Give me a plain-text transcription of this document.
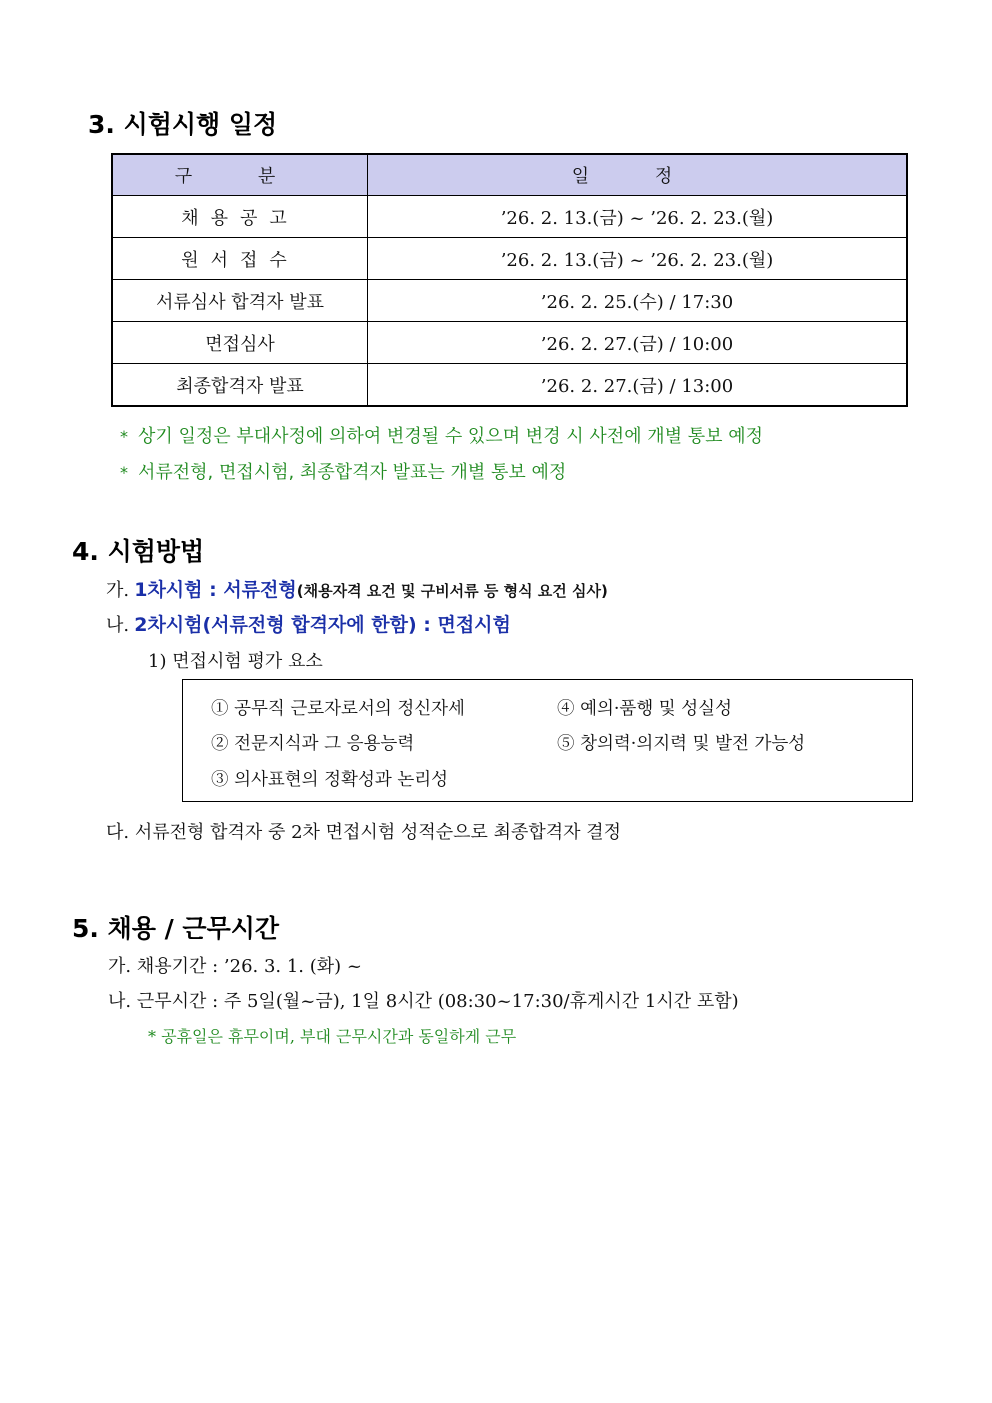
3. 시험시행 일정
구 분	일 정
채용공고	’26. 2. 13.(금) ~ ’26. 2. 23.(월)
원서접수	’26. 2. 13.(금) ~ ’26. 2. 23.(월)
서류심사 합격자 발표	’26. 2. 25.(수) / 17:30
면접심사	’26. 2. 27.(금) / 10:00
최종합격자 발표	’26. 2. 27.(금) / 13:00
* 상기 일정은 부대사정에 의하여 변경될 수 있으며 변경 시 사전에 개별 통보 예정
* 서류전형, 면접시험, 최종합격자 발표는 개별 통보 예정
4. 시험방법
가. 1차시험 : 서류전형(채용자격 요건 및 구비서류 등 형식 요건 심사)
나. 2차시험(서류전형 합격자에 한함) : 면접시험
1) 면접시험 평가 요소
① 공무직 근로자로서의 정신자세
② 전문지식과 그 응용능력
③ 의사표현의 정확성과 논리성
④ 예의·품행 및 성실성
⑤ 창의력·의지력 및 발전 가능성
다. 서류전형 합격자 중 2차 면접시험 성적순으로 최종합격자 결정
5. 채용 / 근무시간
가. 채용기간 : ’26. 3. 1. (화) ~
나. 근무시간 : 주 5일(월~금), 1일 8시간 (08:30~17:30/휴게시간 1시간 포함)
* 공휴일은 휴무이며, 부대 근무시간과 동일하게 근무
